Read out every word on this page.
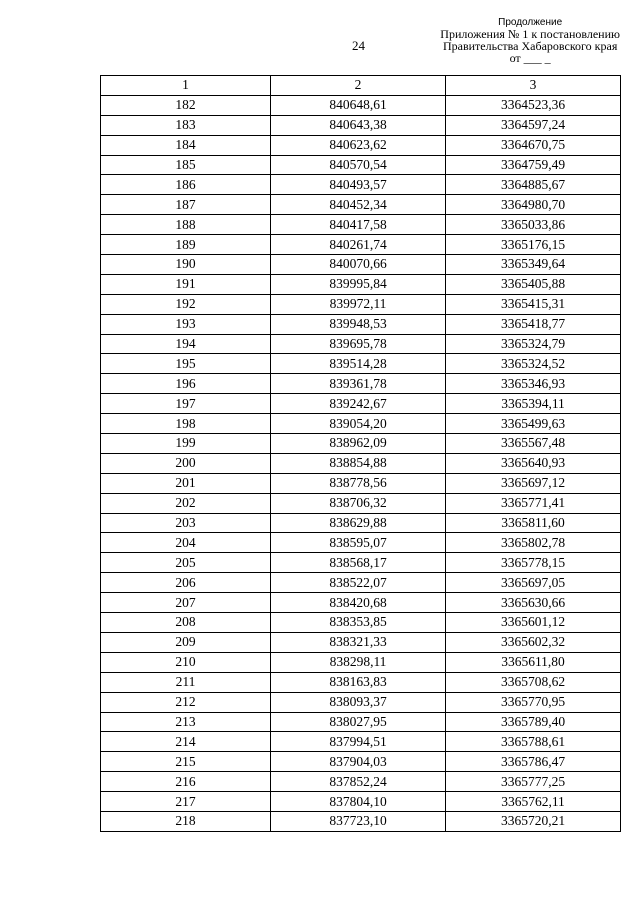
24
Продолжение
Приложения № 1 к постановлению
Правительства Хабаровского края
от ___ _
1	2	3
182	840648,61	3364523,36
183	840643,38	3364597,24
184	840623,62	3364670,75
185	840570,54	3364759,49
186	840493,57	3364885,67
187	840452,34	3364980,70
188	840417,58	3365033,86
189	840261,74	3365176,15
190	840070,66	3365349,64
191	839995,84	3365405,88
192	839972,11	3365415,31
193	839948,53	3365418,77
194	839695,78	3365324,79
195	839514,28	3365324,52
196	839361,78	3365346,93
197	839242,67	3365394,11
198	839054,20	3365499,63
199	838962,09	3365567,48
200	838854,88	3365640,93
201	838778,56	3365697,12
202	838706,32	3365771,41
203	838629,88	3365811,60
204	838595,07	3365802,78
205	838568,17	3365778,15
206	838522,07	3365697,05
207	838420,68	3365630,66
208	838353,85	3365601,12
209	838321,33	3365602,32
210	838298,11	3365611,80
211	838163,83	3365708,62
212	838093,37	3365770,95
213	838027,95	3365789,40
214	837994,51	3365788,61
215	837904,03	3365786,47
216	837852,24	3365777,25
217	837804,10	3365762,11
218	837723,10	3365720,21
